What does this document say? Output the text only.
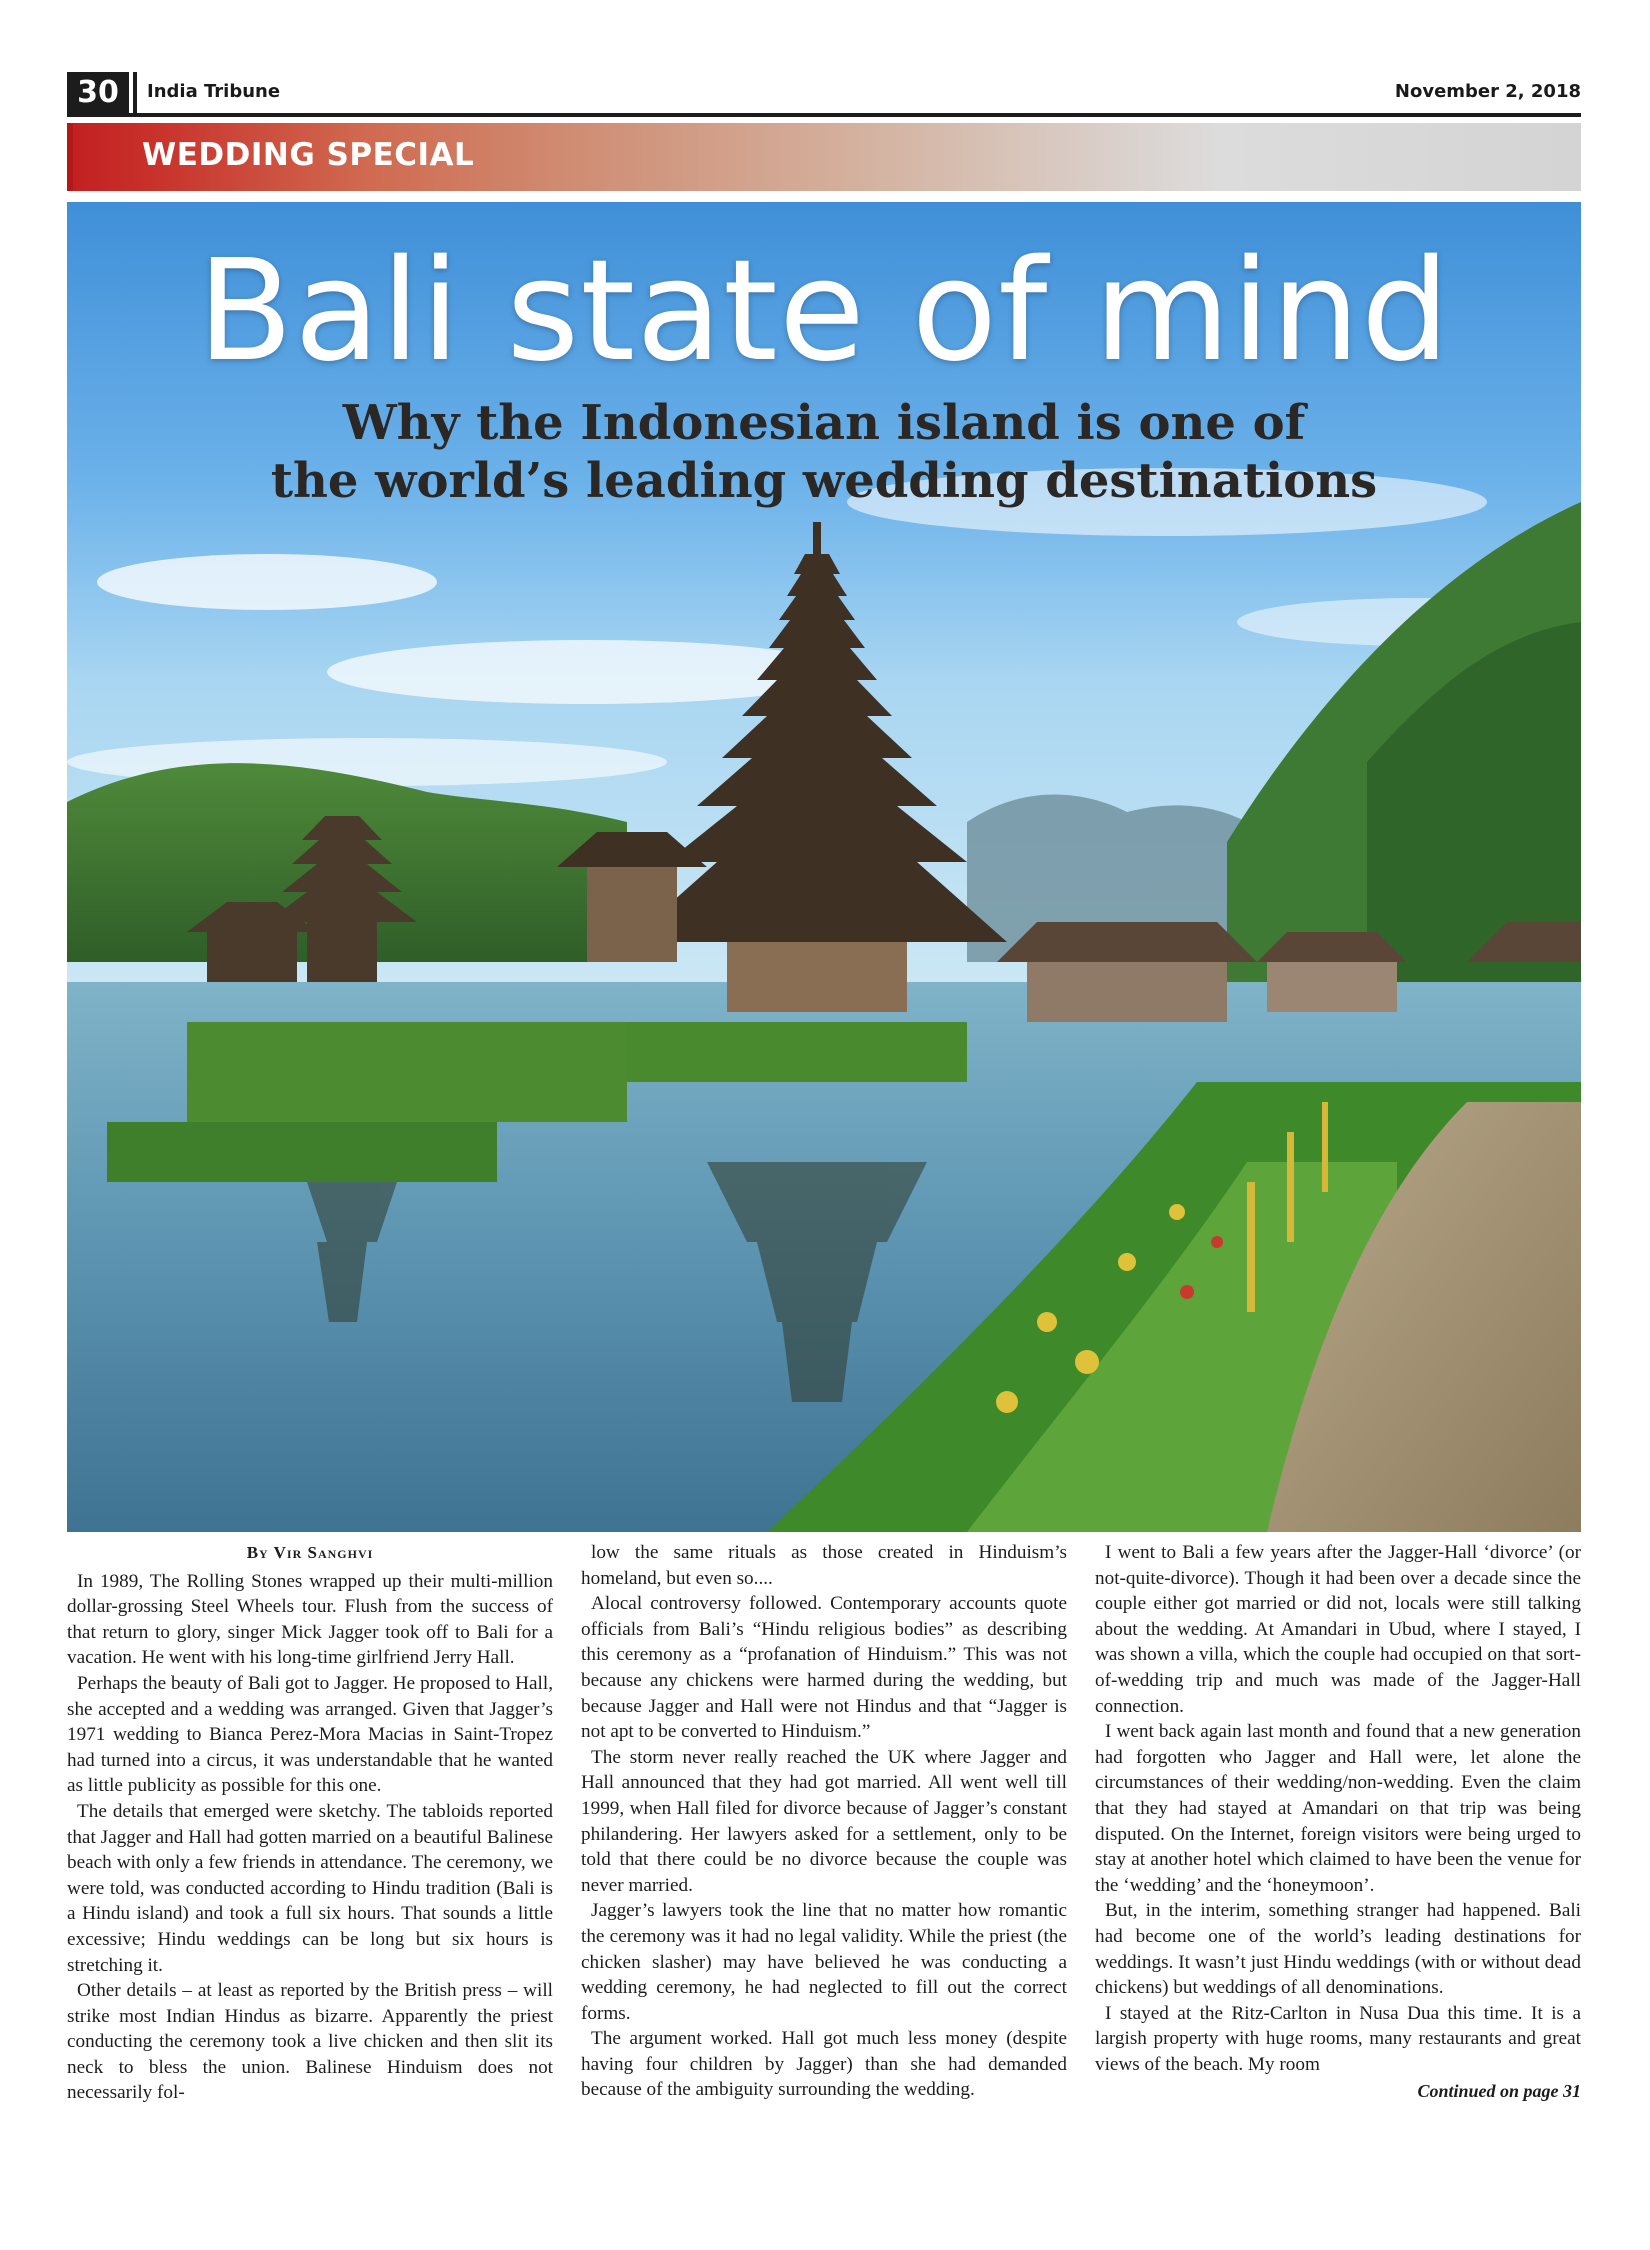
30	India Tribune	November 2, 2018
WEDDING SPECIAL
Bali state of mind
Why the Indonesian island is one of
the world’s leading wedding destinations
By Vir Sanghvi

In 1989, The Rolling Stones wrapped up their multi-million dollar-grossing Steel Wheels tour. Flush from the success of that return to glory, singer Mick Jagger took off to Bali for a vacation. He went with his long-time girlfriend Jerry Hall.

Perhaps the beauty of Bali got to Jagger. He proposed to Hall, she accepted and a wedding was arranged. Given that Jagger’s 1971 wedding to Bianca Perez-Mora Macias in Saint-Tropez had turned into a circus, it was understandable that he wanted as little publicity as possible for this one.

The details that emerged were sketchy. The tabloids reported that Jagger and Hall had gotten married on a beautiful Balinese beach with only a few friends in attendance. The ceremony, we were told, was conducted according to Hindu tradition (Bali is a Hindu island) and took a full six hours. That sounds a little excessive; Hindu weddings can be long but six hours is stretching it.

Other details – at least as reported by the British press – will strike most Indian Hindus as bizarre. Apparently the priest conducting the ceremony took a live chicken and then slit its neck to bless the union. Balinese Hinduism does not necessarily fol-

low the same rituals as those created in Hinduism’s homeland, but even so....

Alocal controversy followed. Contemporary accounts quote officials from Bali’s “Hindu religious bodies” as describing this ceremony as a “profanation of Hinduism.” This was not because any chickens were harmed during the wedding, but because Jagger and Hall were not Hindus and that “Jagger is not apt to be converted to Hinduism.”

The storm never really reached the UK where Jagger and Hall announced that they had got married. All went well till 1999, when Hall filed for divorce because of Jagger’s constant philandering. Her lawyers asked for a settlement, only to be told that there could be no divorce because the couple was never married.

Jagger’s lawyers took the line that no matter how romantic the ceremony was it had no legal validity. While the priest (the chicken slasher) may have believed he was conducting a wedding ceremony, he had neglected to fill out the correct forms.

The argument worked. Hall got much less money (despite having four children by Jagger) than she had demanded because of the ambiguity surrounding the wedding.

I went to Bali a few years after the Jagger-Hall ‘divorce’ (or not-quite-divorce). Though it had been over a decade since the couple either got married or did not, locals were still talking about the wedding. At Amandari in Ubud, where I stayed, I was shown a villa, which the couple had occupied on that sort-of-wedding trip and much was made of the Jagger-Hall connection.

I went back again last month and found that a new generation had forgotten who Jagger and Hall were, let alone the circumstances of their wedding/non-wedding. Even the claim that they had stayed at Amandari on that trip was being disputed. On the Internet, foreign visitors were being urged to stay at another hotel which claimed to have been the venue for the ‘wedding’ and the ‘honeymoon’.

But, in the interim, something stranger had happened. Bali had become one of the world’s leading destinations for weddings. It wasn’t just Hindu weddings (with or without dead chickens) but weddings of all denominations.

I stayed at the Ritz-Carlton in Nusa Dua this time. It is a largish property with huge rooms, many restaurants and great views of the beach. My room

Continued on page 31
